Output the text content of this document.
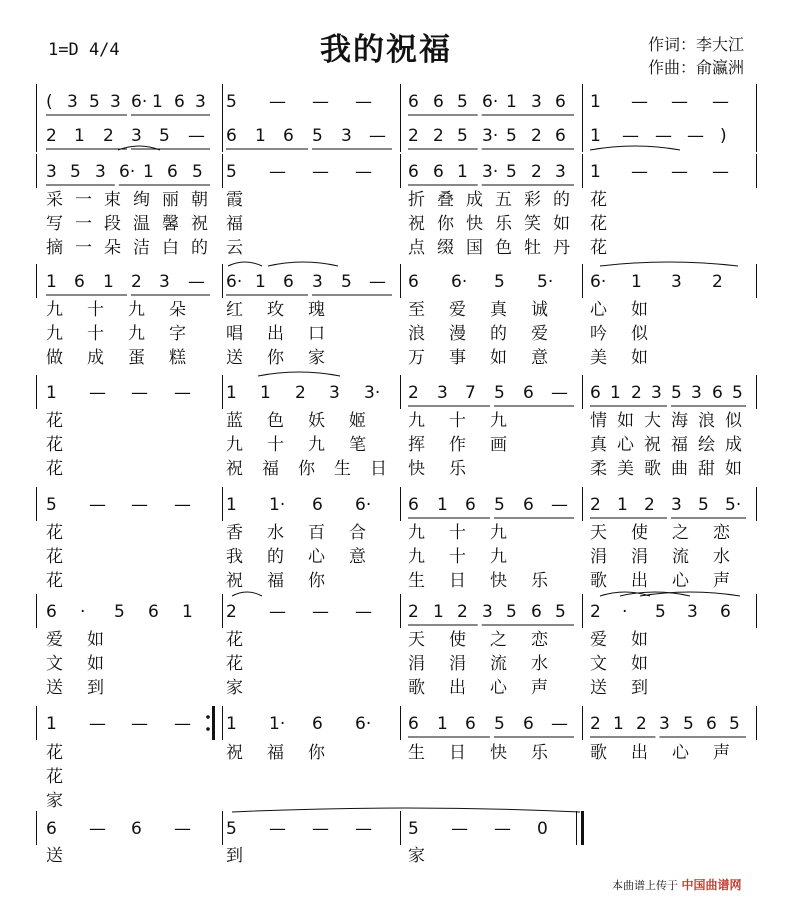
1=D 4/4	我的祝福	作词：李大江
作曲：俞瀛洲
( 3 5 3 6· 1 6 3 5 — — — 6 6 5 6· 1 3 6 1 — — —
2 1 2 3 5 — 6 1 6 5 3 — 2 2 5 3· 5 2 6 1 — — — )
3 5 3 6· 1 6 5 5 — — — 6 6 1 3· 5 2 3 1 — — —
采一束绚丽朝 霞	折叠成五彩的 花
写一段温馨祝 福	祝你快乐笑如 花
摘一朵洁白的 云	点缀国色牡丹 花
1 6 1 2 3 — 6· 1 6 3 5 — 6 6· 5 5· 6· 1 3 2
九十九朵 红玫瑰	至爱真诚 心如
九十九字 唱出口	浪漫的爱 吟似
做成蛋糕 送你家	万事如意 美如
1 — — — 1 1 2 3 3· 2 3 7 5 6 — 6 1 2 3 5 3 6 5
花	蓝色妖姬 九十九	情如大海浪似
花	九十九笔 挥作画	真心祝福绘成
花	祝福你生日 快乐	柔美歌曲甜如
5 — — — 1 1· 6 6· 6 1 6 5 6 — 2 1 2 3 5 5·
花	香水百合 九十九	天使之恋
花	我的心意 九十九	涓涓流水
花	祝福你	生日快乐 歌出心声
6 · 5 6 1 2 — — — 2 1 2 3 5 6 5 2 · 5 3 6
爱如	花	天使之恋 爱如
文如	花	涓涓流水 文如
送到	家	歌出心声 送到
1 — — — 1 1· 6 6· 6 1 6 5 6 — 2 1 2 3 5 6 5
花	祝福你	生日快乐 歌出心声
花
家
6 — 6 — 5 — — — 5 — — 0
送	到	家
本曲谱上传于 中国曲谱网
